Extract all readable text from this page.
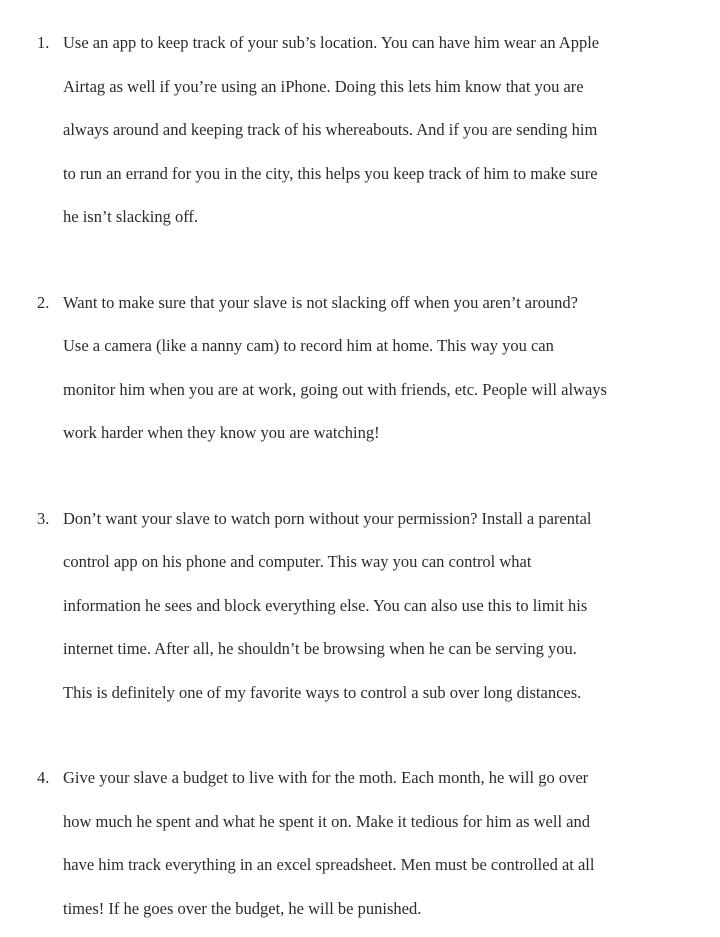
1. Use an app to keep track of your sub’s location. You can have him wear an Apple
Airtag as well if you’re using an iPhone. Doing this lets him know that you are
always around and keeping track of his whereabouts. And if you are sending him
to run an errand for you in the city, this helps you keep track of him to make sure
he isn’t slacking off.
2. Want to make sure that your slave is not slacking off when you aren’t around?
Use a camera (like a nanny cam) to record him at home. This way you can
monitor him when you are at work, going out with friends, etc. People will always
work harder when they know you are watching!
3. Don’t want your slave to watch porn without your permission? Install a parental
control app on his phone and computer. This way you can control what
information he sees and block everything else. You can also use this to limit his
internet time. After all, he shouldn’t be browsing when he can be serving you.
This is definitely one of my favorite ways to control a sub over long distances.
4. Give your slave a budget to live with for the moth. Each month, he will go over
how much he spent and what he spent it on. Make it tedious for him as well and
have him track everything in an excel spreadsheet. Men must be controlled at all
times! If he goes over the budget, he will be punished.
